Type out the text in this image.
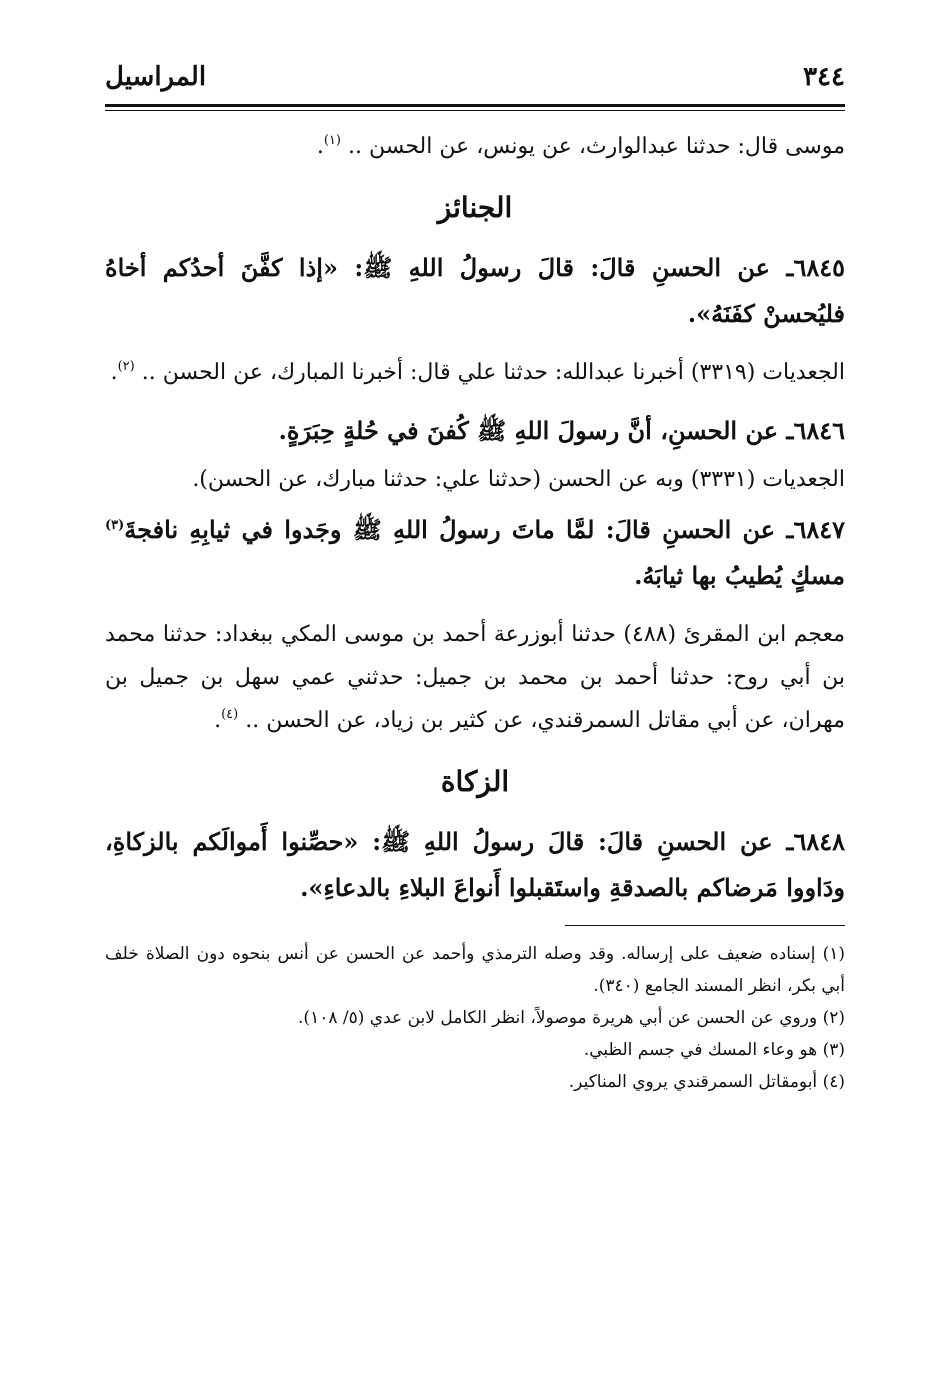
٣٤٤
المراسيل

موسى قال: حدثنا عبدالوارث، عن يونس، عن الحسن .. $^{(١)}$.

الجنائز

٦٨٤٥ـ عن الحسنِ قالَ: قالَ رسولُ اللهِ ﷺ: «إذا كفَّنَ أحدُكم أخاهُ فليُحسنْ كفَنَهُ».

الجعديات (٣٣١٩) أخبرنا عبدالله: حدثنا علي قال: أخبرنا المبارك، عن الحسن .. $^{(٢)}$.

٦٨٤٦ـ عن الحسنِ، أنَّ رسولَ اللهِ ﷺ كُفنَ في حُلةٍ حِبَرَةٍ.

الجعديات (٣٣٣١) وبه عن الحسن (حدثنا علي: حدثنا مبارك، عن الحسن).

٦٨٤٧ـ عن الحسنِ قالَ: لمَّا ماتَ رسولُ اللهِ ﷺ وجَدوا في ثيابِهِ نافجةَ$^{(٣)}$ مسكٍ يُطيبُ بها ثيابَهُ.

معجم ابن المقرئ (٤٨٨) حدثنا أبوزرعة أحمد بن موسى المكي ببغداد: حدثنا محمد بن أبي روح: حدثنا أحمد بن محمد بن جميل: حدثني عمي سهل بن جميل بن مهران، عن أبي مقاتل السمرقندي، عن كثير بن زياد، عن الحسن .. $^{(٤)}$.

الزكاة

٦٨٤٨ـ عن الحسنِ قالَ: قالَ رسولُ اللهِ ﷺ: «حصِّنوا أَموالَكم بالزكاةِ، ودَاووا مَرضاكم بالصدقةِ واستَقبلوا أَنواعَ البلاءِ بالدعاءِ».

(١) إسناده ضعيف على إرساله. وقد وصله الترمذي وأحمد عن الحسن عن أنس بنحوه دون الصلاة خلف أبي بكر، انظر المسند الجامع (٣٤٠).

(٢) وروي عن الحسن عن أبي هريرة موصولاً، انظر الكامل لابن عدي (٥/ ١٠٨).

(٣) هو وعاء المسك في جسم الظبي.

(٤) أبومقاتل السمرقندي يروي المناكير.
